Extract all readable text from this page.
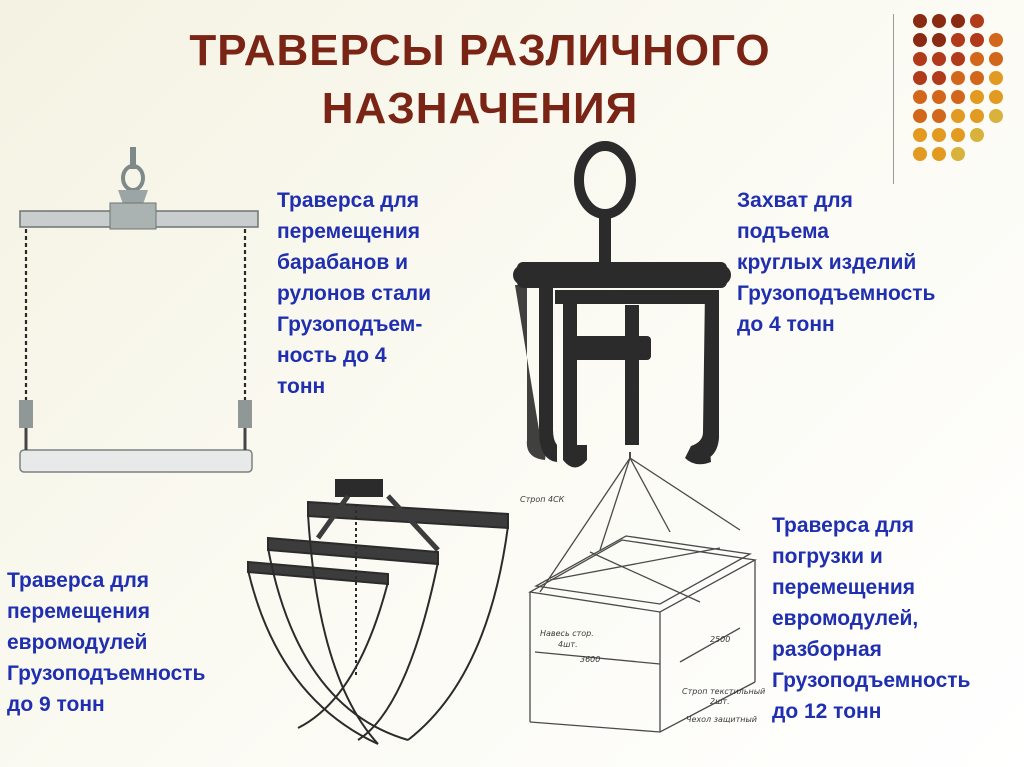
ТРАВЕРСЫ РАЗЛИЧНОГО
НАЗНАЧЕНИЯ
Траверса для
перемещения
барабанов и
рулонов стали
Грузоподъем-
ность до 4
тонн
Захват для
подъема
круглых изделий
Грузоподъемность
до 4 тонн
Траверса для
перемещения
евромодулей
Грузоподъемность
до 9 тонн
Строп 4СК
Навесь стор.
4шт.
3600
2500
Строп текстильный
2шт.
Чехол защитный
Траверса для
погрузки и
перемещения
евромодулей,
разборная
Грузоподъемность
до 12 тонн
